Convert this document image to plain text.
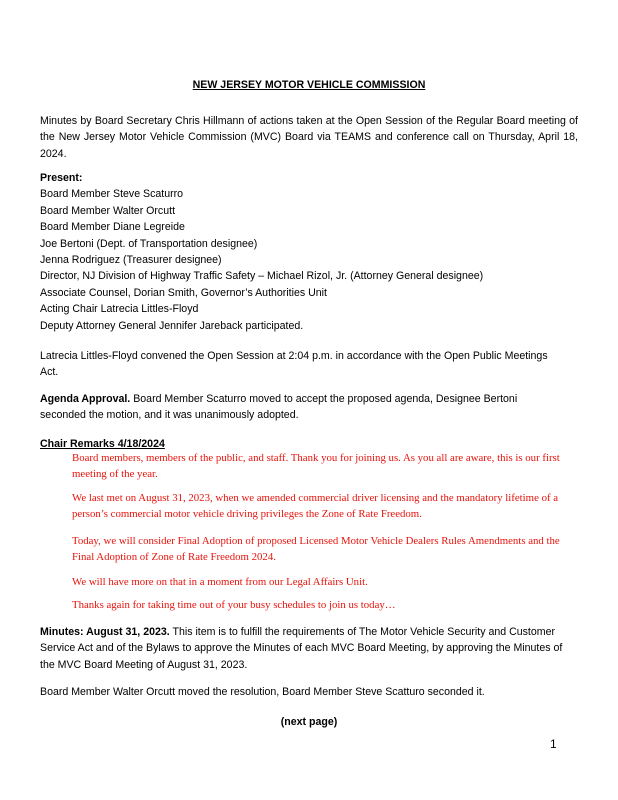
NEW JERSEY MOTOR VEHICLE COMMISSION
Minutes by Board Secretary Chris Hillmann of actions taken at the Open Session of the Regular Board meeting of the New Jersey Motor Vehicle Commission (MVC) Board via TEAMS and conference call on Thursday, April 18, 2024.
Present:
Board Member Steve Scaturro
Board Member Walter Orcutt
Board Member Diane Legreide
Joe Bertoni (Dept. of Transportation designee)
Jenna Rodriguez (Treasurer designee)
Director, NJ Division of Highway Traffic Safety – Michael Rizol, Jr. (Attorney General designee)
Associate Counsel, Dorian Smith, Governor’s Authorities Unit
Acting Chair Latrecia Littles-Floyd
Deputy Attorney General Jennifer Jareback participated.
Latrecia Littles-Floyd convened the Open Session at 2:04 p.m. in accordance with the Open Public Meetings Act.
Agenda Approval. Board Member Scaturro moved to accept the proposed agenda, Designee Bertoni seconded the motion, and it was unanimously adopted.
Chair Remarks 4/18/2024
Board members, members of the public, and staff. Thank you for joining us. As you all are aware, this is our first meeting of the year.
We last met on August 31, 2023, when we amended commercial driver licensing and the mandatory lifetime of a person’s commercial motor vehicle driving privileges the Zone of Rate Freedom.
Today, we will consider Final Adoption of proposed Licensed Motor Vehicle Dealers Rules Amendments and the Final Adoption of Zone of Rate Freedom 2024.
We will have more on that in a moment from our Legal Affairs Unit.
Thanks again for taking time out of your busy schedules to join us today…
Minutes: August 31, 2023. This item is to fulfill the requirements of The Motor Vehicle Security and Customer Service Act and of the Bylaws to approve the Minutes of each MVC Board Meeting, by approving the Minutes of the MVC Board Meeting of August 31, 2023.
Board Member Walter Orcutt moved the resolution, Board Member Steve Scatturo seconded it.
(next page)
1
